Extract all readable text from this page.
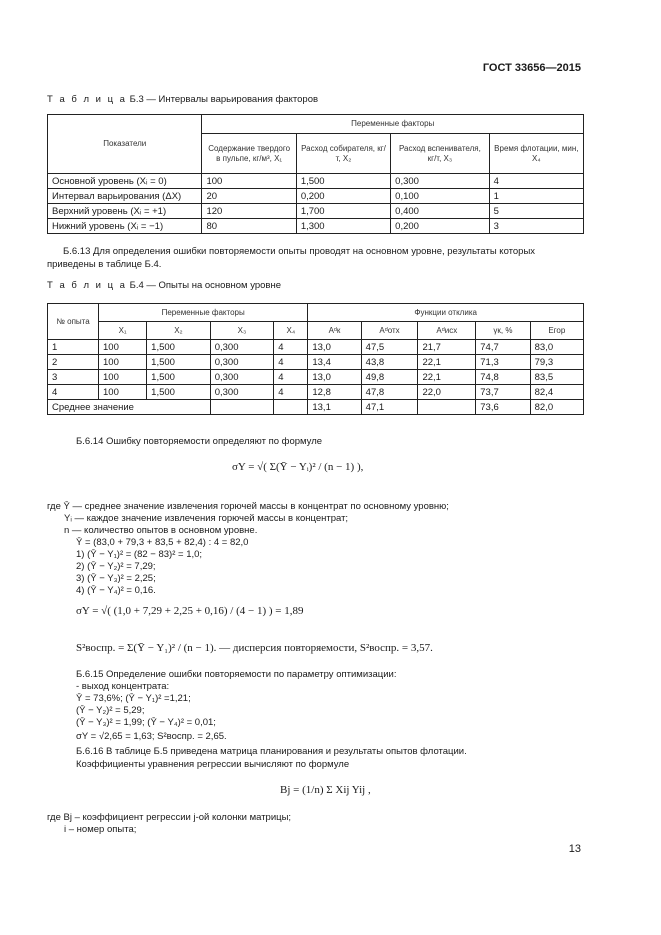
ГОСТ 33656—2015
Т а б л и ц а Б.3 — Интервалы варьирования факторов
Показатели	Переменные факторы			
	Содержание твердого в пульпе, кг/м³, X₁	Расход собирателя, кг/т, X₂	Расход вспенивателя, кг/т, X₃	Время флотации, мин, X₄
Основной уровень (Xᵢ = 0)	100	1,500	0,300	4
Интервал варьирования (ΔX)	20	0,200	0,100	1
Верхний уровень (Xᵢ = +1)	120	1,700	0,400	5
Нижний уровень (Xᵢ = −1)	80	1,300	0,200	3
Б.6.13 Для определения ошибки повторяемости опыты проводят на основном уровне, результаты которых
приведены в таблице Б.4.
Т а б л и ц а Б.4 — Опыты на основном уровне
№ опыта	Переменные факторы				Функции отклика				
	X₁	X₂	X₃	X₄	Aᵈк	Aᵈотх	Aᵈисх	γк, %	Eгор
1	100	1,500	0,300	4	13,0	47,5	21,7	74,7	83,0
2	100	1,500	0,300	4	13,4	43,8	22,1	71,3	79,3
3	100	1,500	0,300	4	13,0	49,8	22,1	74,8	83,5
4	100	1,500	0,300	4	12,8	47,8	22,0	73,7	82,4
Среднее значение					13,1	47,1		73,6	82,0
Б.6.14 Ошибку повторяемости определяют по формуле
σY = √( Σ(Ȳ − Yᵢ)² / (n − 1) ),
где Ȳ — среднее значение извлечения горючей массы в концентрат по основному уровню;
Yᵢ — каждое значение извлечения горючей массы в концентрат;
n — количество опытов в основном уровне.
Ȳ = (83,0 + 79,3 + 83,5 + 82,4) : 4 = 82,0
1) (Ȳ − Y₁)² = (82 − 83)² = 1,0;
2) (Ȳ − Y₂)² = 7,29;
3) (Ȳ − Y₃)² = 2,25;
4) (Ȳ − Y₄)² = 0,16.
σY = √( (1,0 + 7,29 + 2,25 + 0,16) / (4 − 1) ) = 1,89
S²воспр. = Σ(Ȳ − Y₁)² / (n − 1). — дисперсия повторяемости, S²воспр. = 3,57.
Б.6.15 Определение ошибки повторяемости по параметру оптимизации:
- выход концентрата:
Ȳ = 73,6%; (Ȳ − Y₁)² =1,21;
(Ȳ − Y₂)² = 5,29;
(Ȳ − Y₃)² = 1,99; (Ȳ − Y₄)² = 0,01;
σY = √2,65 = 1,63; S²воспр. = 2,65.
Б.6.16 В таблице Б.5 приведена матрица планирования и результаты опытов флотации.
Коэффициенты уравнения регрессии вычисляют по формуле
Bj = (1/n) Σ Xij Yij ,
где Bj – коэффициент регрессии j-ой колонки матрицы;
i – номер опыта;
13
